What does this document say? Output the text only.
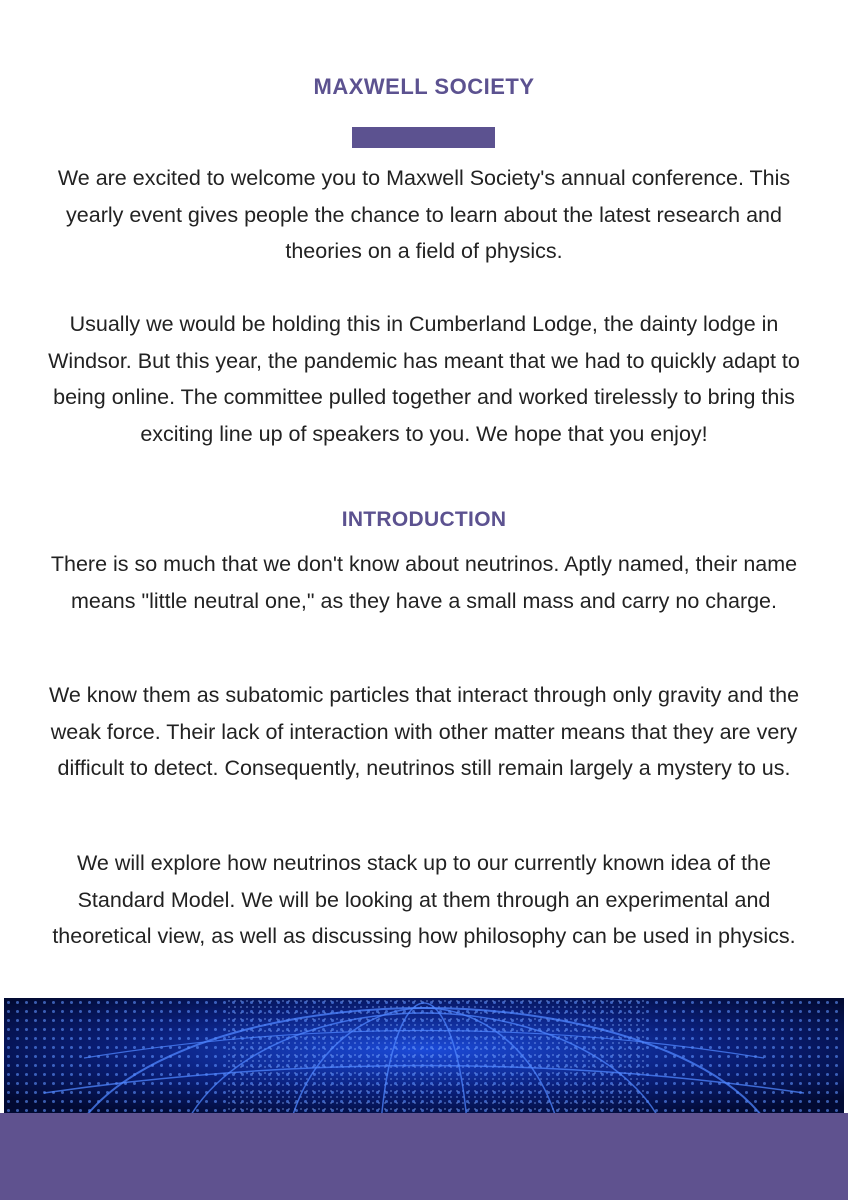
MAXWELL SOCIETY

We are excited to welcome you to Maxwell Society's annual conference. This yearly event gives people the chance to learn about the latest research and theories on a field of physics.

Usually we would be holding this in Cumberland Lodge, the dainty lodge in Windsor. But this year, the pandemic has meant that we had to quickly adapt to being online. The committee pulled together and worked tirelessly to bring this exciting line up of speakers to you. We hope that you enjoy!

INTRODUCTION

There is so much that we don't know about neutrinos. Aptly named, their name means "little neutral one," as they have a small mass and carry no charge.

We know them as subatomic particles that interact through only gravity and the weak force. Their lack of interaction with other matter means that they are very difficult to detect. Consequently, neutrinos still remain largely a mystery to us.

We will explore how neutrinos stack up to our currently known idea of the Standard Model. We will be looking at them through an experimental and theoretical view, as well as discussing how philosophy can be used in physics.
